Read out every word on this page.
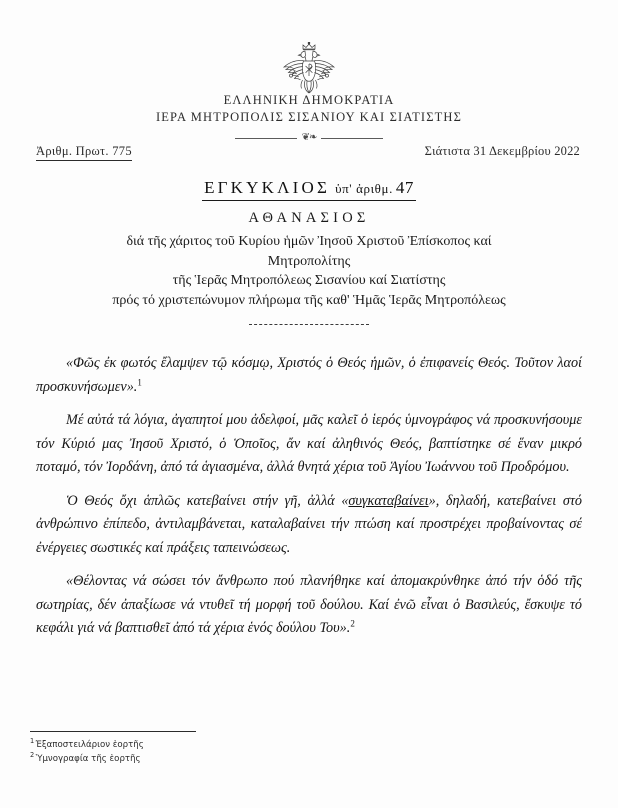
ΕΛΛΗΝΙΚΗ ΔΗΜΟΚΡΑΤΙΑ
ΙΕΡΑ ΜΗΤΡΟΠΟΛΙΣ ΣΙΣΑΝΙΟΥ ΚΑΙ ΣΙΑΤΙΣΤΗΣ
❦❧
Ἀριθμ. Πρωτ. 775	Σιάτιστα 31 Δεκεμβρίου 2022
ΕΓΚΥΚΛΙΟΣ ὑπ' ἀριθμ. 47
ΑΘΑΝΑΣΙΟΣ
διά τῆς χάριτος τοῦ Κυρίου ἡμῶν Ἰησοῦ Χριστοῦ Ἐπίσκοπος καί
Μητροπολίτης
τῆς Ἱερᾶς Μητροπόλεως Σισανίου καί Σιατίστης
πρός τό χριστεπώνυμον πλήρωμα τῆς καθ' Ἡμᾶς Ἱερᾶς Μητροπόλεως

«Φῶς ἐκ φωτός ἔλαμψεν τῷ κόσμῳ, Χριστός ὁ Θεός ἡμῶν, ὁ ἐπιφανείς Θεός. Τοῦτον λαοί προσκυνήσωμεν».$^1$

Μέ αὐτά τά λόγια, ἀγαπητοί μου ἀδελφοί, μᾶς καλεῖ ὁ ἱερός ὑμνογράφος νά προσκυνήσουμε τόν Κύριό μας Ἰησοῦ Χριστό, ὁ Ὁποῖος, ἄν καί ἀληθινός Θεός, βαπτίστηκε σέ ἕναν μικρό ποταμό, τόν Ἰορδάνη, ἀπό τά ἁγιασμένα, ἀλλά θνητά χέρια τοῦ Ἁγίου Ἰωάννου τοῦ Προδρόμου.

Ὁ Θεός ὄχι ἁπλῶς κατεβαίνει στήν γῆ, ἀλλά «συγκαταβαίνει», δηλαδή, κατεβαίνει στό ἀνθρώπινο ἐπίπεδο, ἀντιλαμβάνεται, καταλαβαίνει τήν πτώση καί προστρέχει προβαίνοντας σέ ἐνέργειες σωστικές καί πράξεις ταπεινώσεως.

«Θέλοντας νά σώσει τόν ἄνθρωπο πού πλανήθηκε καί ἀπομακρύνθηκε ἀπό τήν ὁδό τῆς σωτηρίας, δέν ἀπαξίωσε νά ντυθεῖ τή μορφή τοῦ δούλου. Καί ἐνῶ εἶναι ὁ Βασιλεύς, ἔσκυψε τό κεφάλι γιά νά βαπτισθεῖ ἀπό τά χέρια ἑνός δούλου Του».$^2$

$^1$ Ἐξαποστειλάριον ἑορτῆς
$^2$ Ὑμνογραφία τῆς ἑορτῆς
